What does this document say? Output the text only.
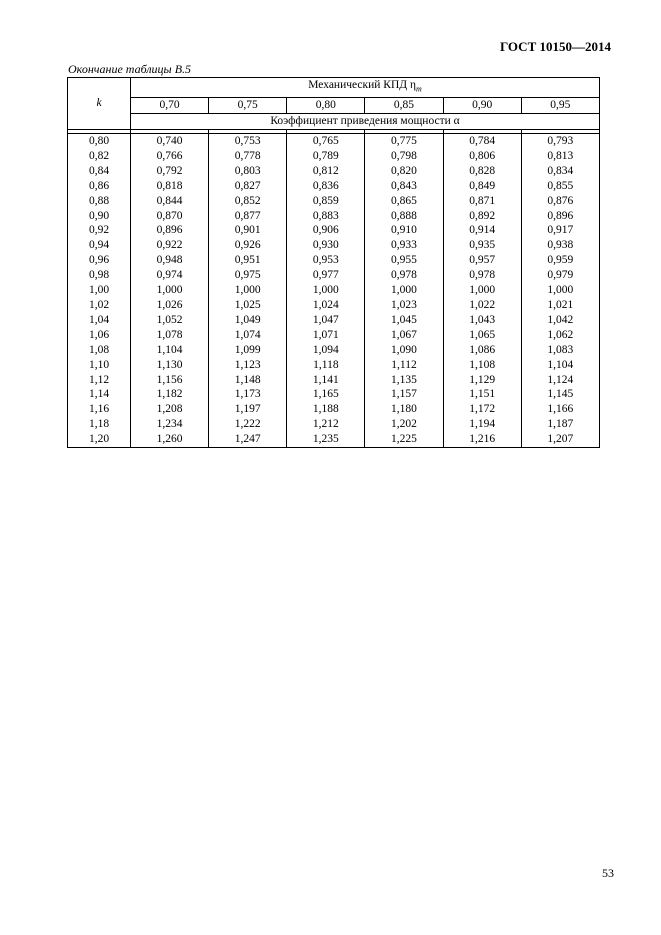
ГОСТ 10150—2014
Окончание таблицы В.5
k	Механический КПД $\eta_m$
	0,70	0,75	0,80	0,85	0,90	0,95
	Коэффициент приведения мощности α					

0,80	0,740	0,753	0,765	0,775	0,784	0,793
0,82	0,766	0,778	0,789	0,798	0,806	0,813
0,84	0,792	0,803	0,812	0,820	0,828	0,834
0,86	0,818	0,827	0,836	0,843	0,849	0,855
0,88	0,844	0,852	0,859	0,865	0,871	0,876
0,90	0,870	0,877	0,883	0,888	0,892	0,896
0,92	0,896	0,901	0,906	0,910	0,914	0,917
0,94	0,922	0,926	0,930	0,933	0,935	0,938
0,96	0,948	0,951	0,953	0,955	0,957	0,959
0,98	0,974	0,975	0,977	0,978	0,978	0,979
1,00	1,000	1,000	1,000	1,000	1,000	1,000
1,02	1,026	1,025	1,024	1,023	1,022	1,021
1,04	1,052	1,049	1,047	1,045	1,043	1,042
1,06	1,078	1,074	1,071	1,067	1,065	1,062
1,08	1,104	1,099	1,094	1,090	1,086	1,083
1,10	1,130	1,123	1,118	1,112	1,108	1,104
1,12	1,156	1,148	1,141	1,135	1,129	1,124
1,14	1,182	1,173	1,165	1,157	1,151	1,145
1,16	1,208	1,197	1,188	1,180	1,172	1,166
1,18	1,234	1,222	1,212	1,202	1,194	1,187
1,20	1,260	1,247	1,235	1,225	1,216	1,207
53
